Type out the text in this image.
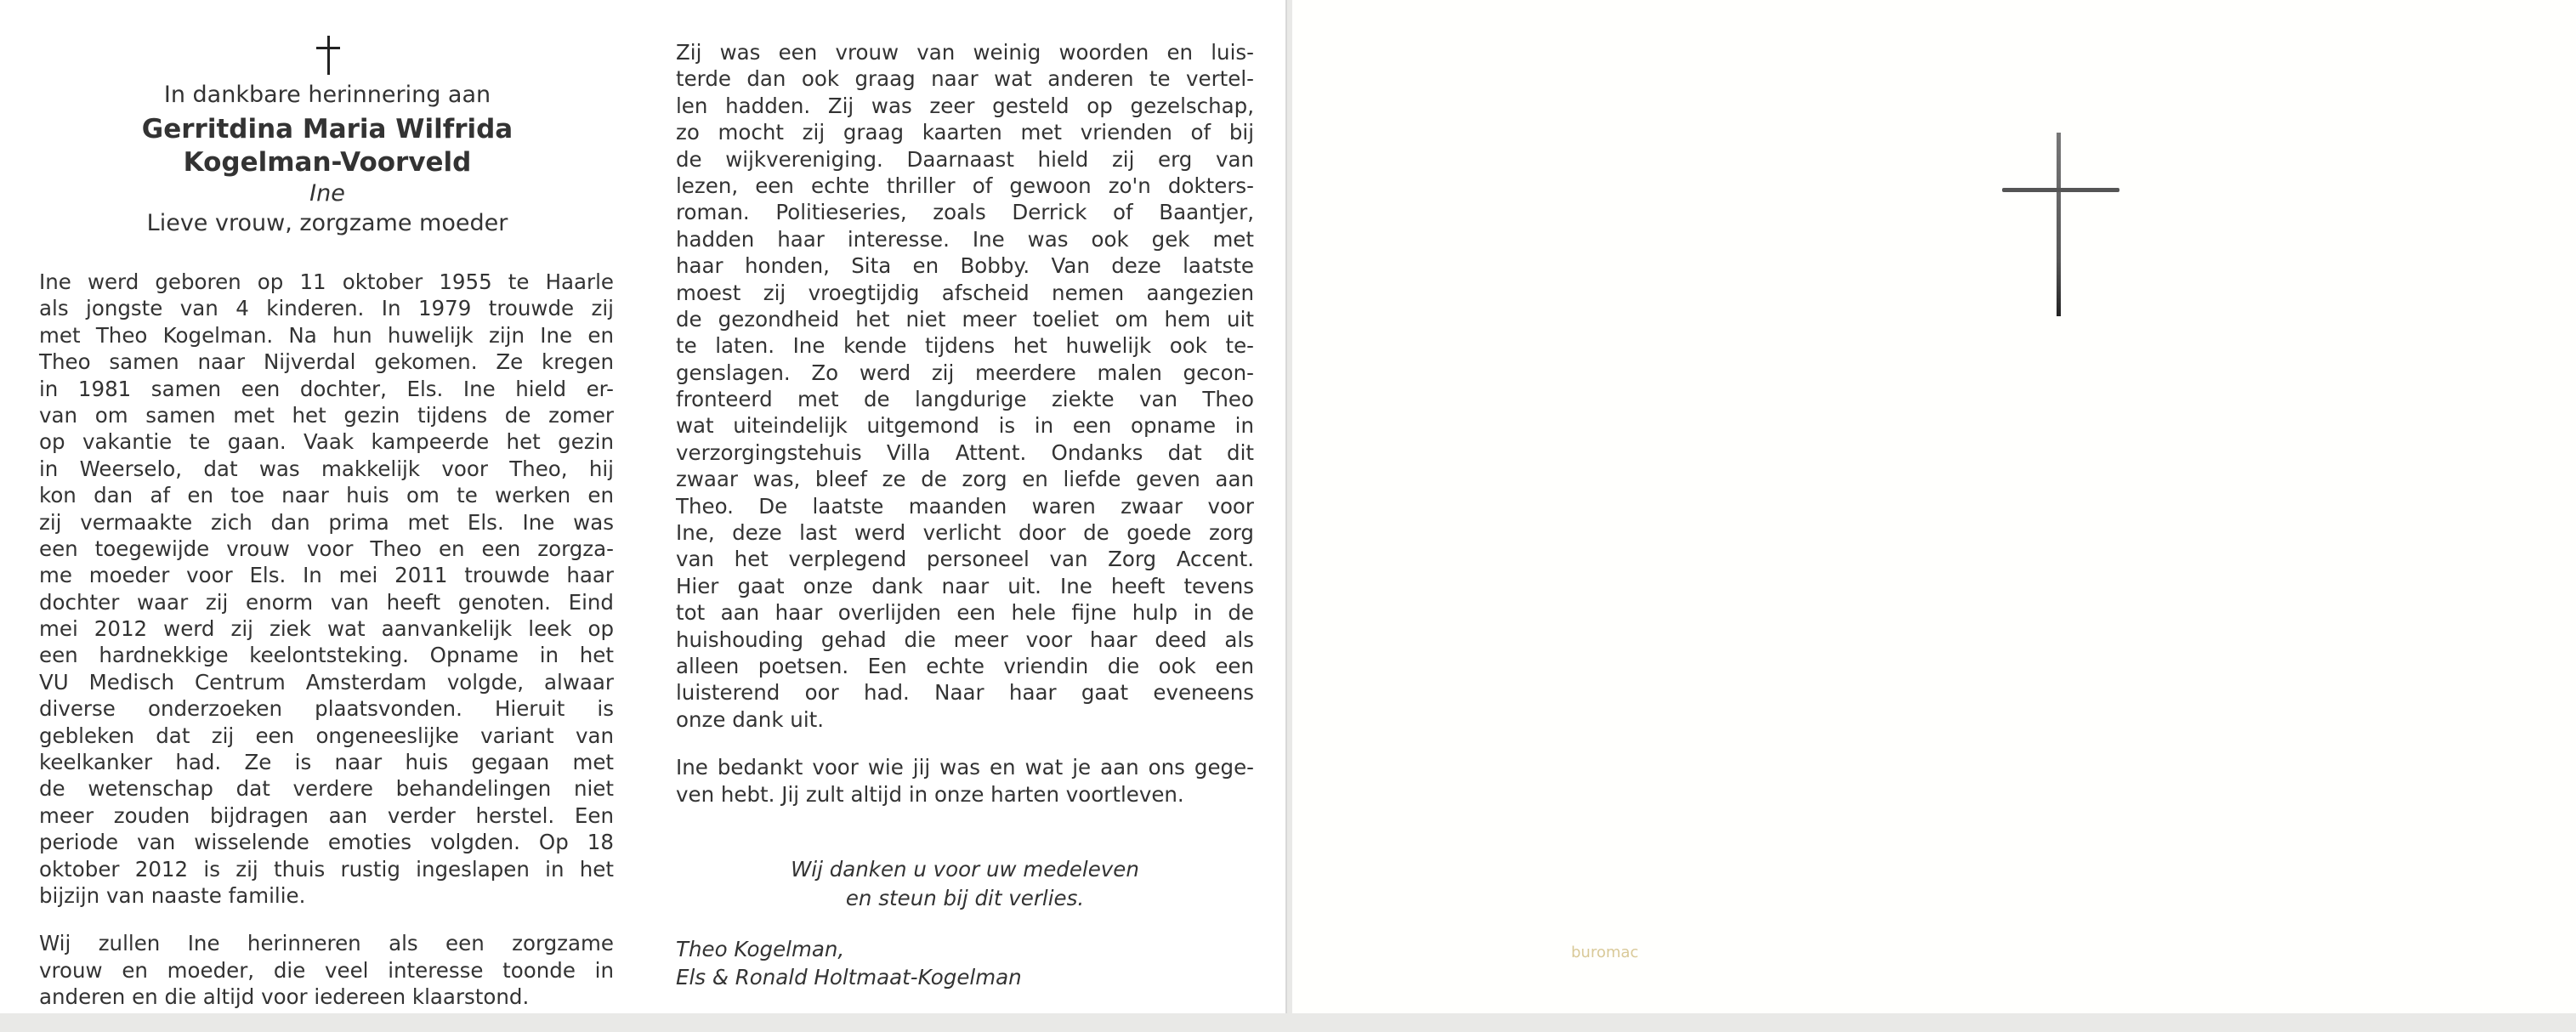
In dankbare herinnering aan
Gerritdina Maria Wilfrida
Kogelman-Voorveld
Ine
Lieve vrouw, zorgzame moeder
Ine werd geboren op 11 oktober 1955 te Haarle
als jongste van 4 kinderen. In 1979 trouwde zij
met Theo Kogelman. Na hun huwelijk zijn Ine en
Theo samen naar Nijverdal gekomen. Ze kregen
in 1981 samen een dochter, Els. Ine hield er-
van om samen met het gezin tijdens de zomer
op vakantie te gaan. Vaak kampeerde het gezin
in Weerselo, dat was makkelijk voor Theo, hij
kon dan af en toe naar huis om te werken en
zij vermaakte zich dan prima met Els. Ine was
een toegewijde vrouw voor Theo en een zorgza-
me moeder voor Els. In mei 2011 trouwde haar
dochter waar zij enorm van heeft genoten. Eind
mei 2012 werd zij ziek wat aanvankelijk leek op
een hardnekkige keelontsteking. Opname in het
VU Medisch Centrum Amsterdam volgde, alwaar
diverse onderzoeken plaatsvonden. Hieruit is
gebleken dat zij een ongeneeslijke variant van
keelkanker had. Ze is naar huis gegaan met
de wetenschap dat verdere behandelingen niet
meer zouden bijdragen aan verder herstel. Een
periode van wisselende emoties volgden. Op 18
oktober 2012 is zij thuis rustig ingeslapen in het
bijzijn van naaste familie.
Wij zullen Ine herinneren als een zorgzame
vrouw en moeder, die veel interesse toonde in
anderen en die altijd voor iedereen klaarstond.
Zij was een vrouw van weinig woorden en luis-
terde dan ook graag naar wat anderen te vertel-
len hadden. Zij was zeer gesteld op gezelschap,
zo mocht zij graag kaarten met vrienden of bij
de wijkvereniging. Daarnaast hield zij erg van
lezen, een echte thriller of gewoon zo'n dokters-
roman. Politieseries, zoals Derrick of Baantjer,
hadden haar interesse. Ine was ook gek met
haar honden, Sita en Bobby. Van deze laatste
moest zij vroegtijdig afscheid nemen aangezien
de gezondheid het niet meer toeliet om hem uit
te laten. Ine kende tijdens het huwelijk ook te-
genslagen. Zo werd zij meerdere malen gecon-
fronteerd met de langdurige ziekte van Theo
wat uiteindelijk uitgemond is in een opname in
verzorgingstehuis Villa Attent. Ondanks dat dit
zwaar was, bleef ze de zorg en liefde geven aan
Theo. De laatste maanden waren zwaar voor
Ine, deze last werd verlicht door de goede zorg
van het verplegend personeel van Zorg Accent.
Hier gaat onze dank naar uit. Ine heeft tevens
tot aan haar overlijden een hele fijne hulp in de
huishouding gehad die meer voor haar deed als
alleen poetsen. Een echte vriendin die ook een
luisterend oor had. Naar haar gaat eveneens
onze dank uit.
Ine bedankt voor wie jij was en wat je aan ons gege-
ven hebt. Jij zult altijd in onze harten voortleven.
Wij danken u voor uw medeleven
en steun bij dit verlies.
Theo Kogelman,
Els & Ronald Holtmaat-Kogelman
buromac
